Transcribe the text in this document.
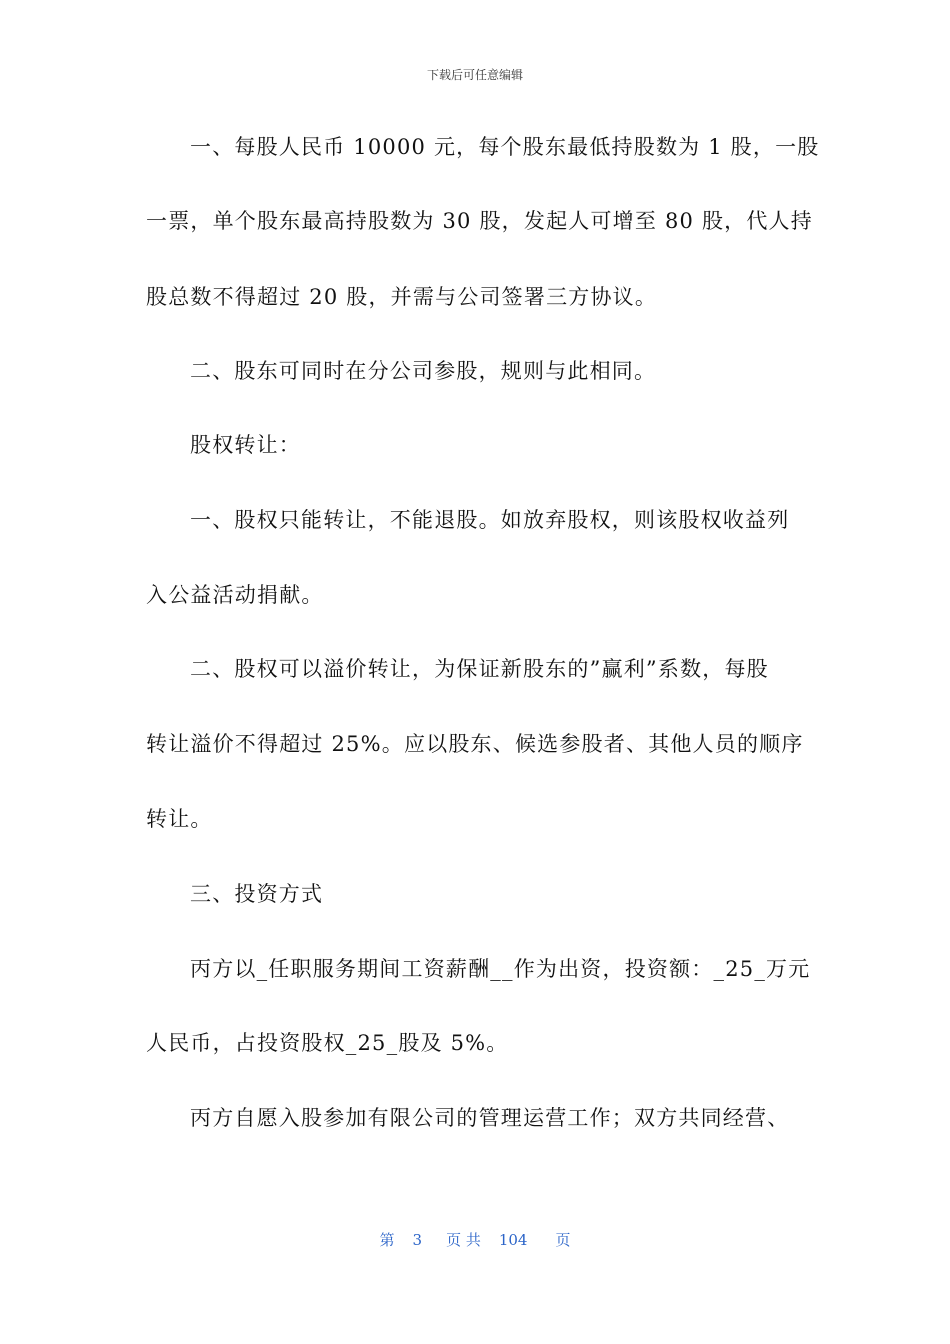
下载后可任意编辑
一、每股人民币 10000 元，每个股东最低持股数为 1 股，一股
一票，单个股东最高持股数为 30 股，发起人可增至 80 股，代人持
股总数不得超过 20 股，并需与公司签署三方协议。
二、股东可同时在分公司参股，规则与此相同。
股权转让：
一、股权只能转让，不能退股。如放弃股权，则该股权收益列
入公益活动捐献。
二、股权可以溢价转让，为保证新股东的”赢利”系数，每股
转让溢价不得超过 25%。应以股东、候选参股者、其他人员的顺序
转让。
三、投资方式
丙方以_任职服务期间工资薪酬__作为出资，投资额：_25_万元
人民币，占投资股权_25_股及 5%。
丙方自愿入股参加有限公司的管理运营工作；双方共同经营、
第 3 页 共 104 页
